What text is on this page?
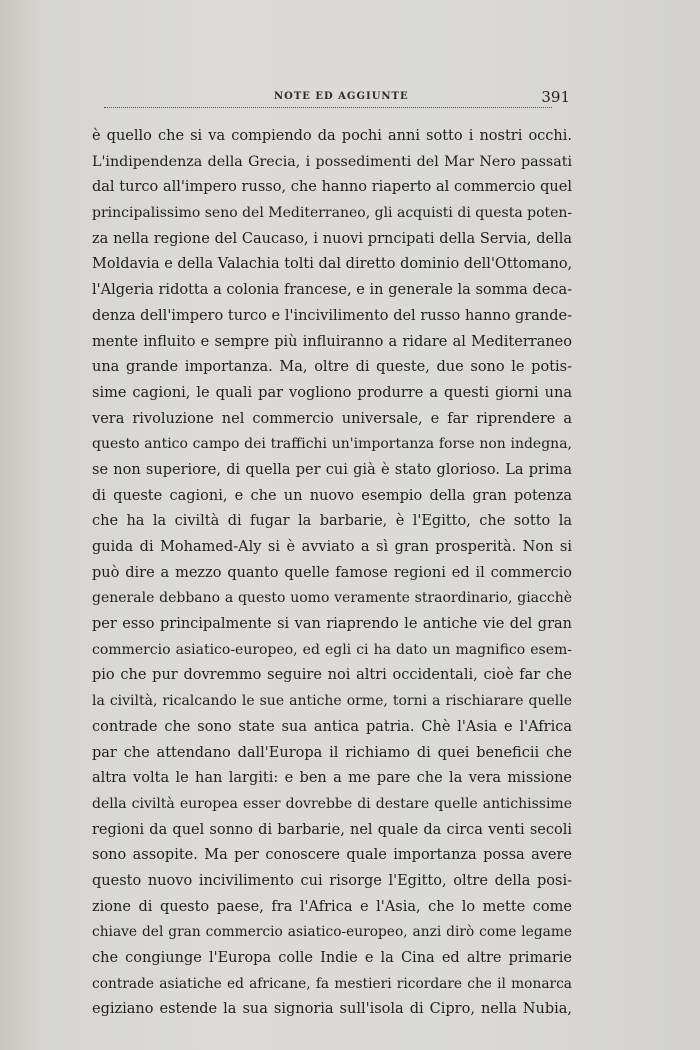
NOTE ED AGGIUNTE	391
è quello che si va compiendo da pochi anni sotto i nostri occhi.
L'indipendenza della Grecia, i possedimenti del Mar Nero passati
dal turco all'impero russo, che hanno riaperto al commercio quel
principalissimo seno del Mediterraneo, gli acquisti di questa poten-
za nella regione del Caucaso, i nuovi prncipati della Servia, della
Moldavia e della Valachia tolti dal diretto dominio dell'Ottomano,
l'Algeria ridotta a colonia francese, e in generale la somma deca-
denza dell'impero turco e l'incivilimento del russo hanno grande-
mente influito e sempre più influiranno a ridare al Mediterraneo
una grande importanza. Ma, oltre di queste, due sono le potis-
sime cagioni, le quali par vogliono produrre a questi giorni una
vera rivoluzione nel commercio universale, e far riprendere a
questo antico campo dei traffichi un'importanza forse non indegna,
se non superiore, di quella per cui già è stato glorioso. La prima
di queste cagioni, e che un nuovo esempio della gran potenza
che ha la civiltà di fugar la barbarie, è l'Egitto, che sotto la
guida di Mohamed-Aly si è avviato a sì gran prosperità. Non si
può dire a mezzo quanto quelle famose regioni ed il commercio
generale debbano a questo uomo veramente straordinario, giacchè
per esso principalmente si van riaprendo le antiche vie del gran
commercio asiatico-europeo, ed egli ci ha dato un magnifico esem-
pio che pur dovremmo seguire noi altri occidentali, cioè far che
la civiltà, ricalcando le sue antiche orme, torni a rischiarare quelle
contrade che sono state sua antica patria. Chè l'Asia e l'Africa
par che attendano dall'Europa il richiamo di quei beneficii che
altra volta le han largiti: e ben a me pare che la vera missione
della civiltà europea esser dovrebbe di destare quelle antichissime
regioni da quel sonno di barbarie, nel quale da circa venti secoli
sono assopite. Ma per conoscere quale importanza possa avere
questo nuovo incivilimento cui risorge l'Egitto, oltre della posi-
zione di questo paese, fra l'Africa e l'Asia, che lo mette come
chiave del gran commercio asiatico-europeo, anzi dirò come legame
che congiunge l'Europa colle Indie e la Cina ed altre primarie
contrade asiatiche ed africane, fa mestieri ricordare che il monarca
egiziano estende la sua signoria sull'isola di Cipro, nella Nubia,
